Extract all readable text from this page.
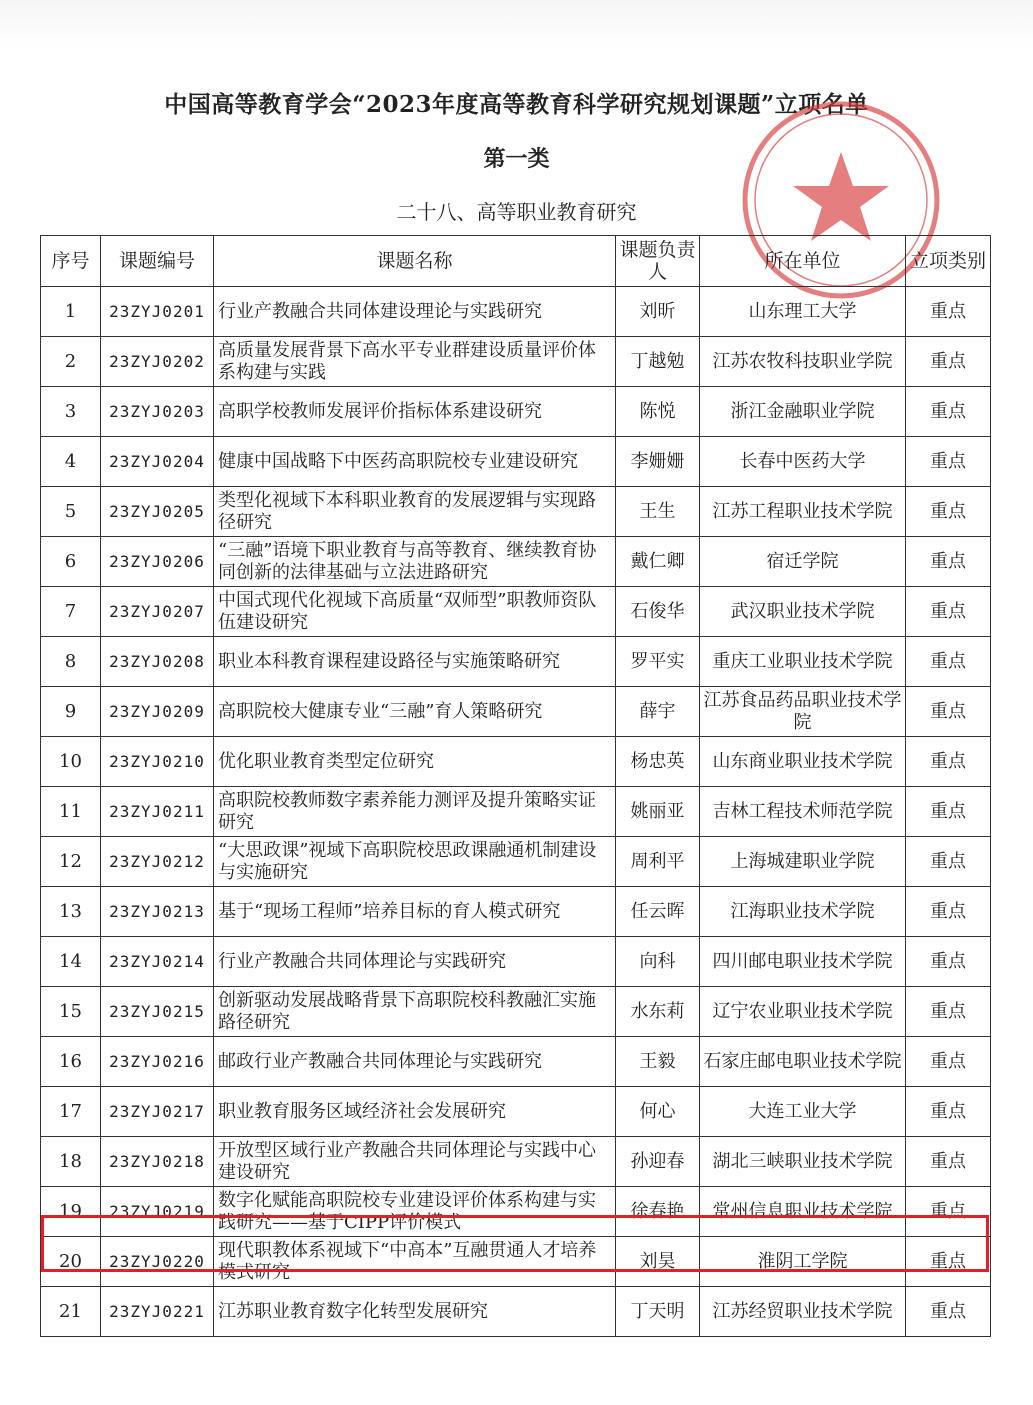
中国高等教育学会“2023年度高等教育科学研究规划课题”立项名单
第一类
二十八、高等职业教育研究
序号	课题编号	课题名称	课题负责人	所在单位	立项类别
1	23ZYJ0201	行业产教融合共同体建设理论与实践研究	刘昕	山东理工大学	重点
2	23ZYJ0202	高质量发展背景下高水平专业群建设质量评价体系构建与实践	丁越勉	江苏农牧科技职业学院	重点
3	23ZYJ0203	高职学校教师发展评价指标体系建设研究	陈悦	浙江金融职业学院	重点
4	23ZYJ0204	健康中国战略下中医药高职院校专业建设研究	李姗姗	长春中医药大学	重点
5	23ZYJ0205	类型化视域下本科职业教育的发展逻辑与实现路径研究	王生	江苏工程职业技术学院	重点
6	23ZYJ0206	“三融”语境下职业教育与高等教育、继续教育协同创新的法律基础与立法进路研究	戴仁卿	宿迁学院	重点
7	23ZYJ0207	中国式现代化视域下高质量“双师型”职教师资队伍建设研究	石俊华	武汉职业技术学院	重点
8	23ZYJ0208	职业本科教育课程建设路径与实施策略研究	罗平实	重庆工业职业技术学院	重点
9	23ZYJ0209	高职院校大健康专业“三融”育人策略研究	薛宇	江苏食品药品职业技术学院	重点
10	23ZYJ0210	优化职业教育类型定位研究	杨忠英	山东商业职业技术学院	重点
11	23ZYJ0211	高职院校教师数字素养能力测评及提升策略实证研究	姚丽亚	吉林工程技术师范学院	重点
12	23ZYJ0212	“大思政课”视域下高职院校思政课融通机制建设与实施研究	周利平	上海城建职业学院	重点
13	23ZYJ0213	基于“现场工程师”培养目标的育人模式研究	任云晖	江海职业技术学院	重点
14	23ZYJ0214	行业产教融合共同体理论与实践研究	向科	四川邮电职业技术学院	重点
15	23ZYJ0215	创新驱动发展战略背景下高职院校科教融汇实施路径研究	水东莉	辽宁农业职业技术学院	重点
16	23ZYJ0216	邮政行业产教融合共同体理论与实践研究	王毅	石家庄邮电职业技术学院	重点
17	23ZYJ0217	职业教育服务区域经济社会发展研究	何心	大连工业大学	重点
18	23ZYJ0218	开放型区域行业产教融合共同体理论与实践中心建设研究	孙迎春	湖北三峡职业技术学院	重点
19	23ZYJ0219	数字化赋能高职院校专业建设评价体系构建与实践研究——基于CIPP评价模式	徐春艳	常州信息职业技术学院	重点
20	23ZYJ0220	现代职教体系视域下“中高本”互融贯通人才培养模式研究	刘昊	淮阴工学院	重点
21	23ZYJ0221	江苏职业教育数字化转型发展研究	丁天明	江苏经贸职业技术学院	重点
